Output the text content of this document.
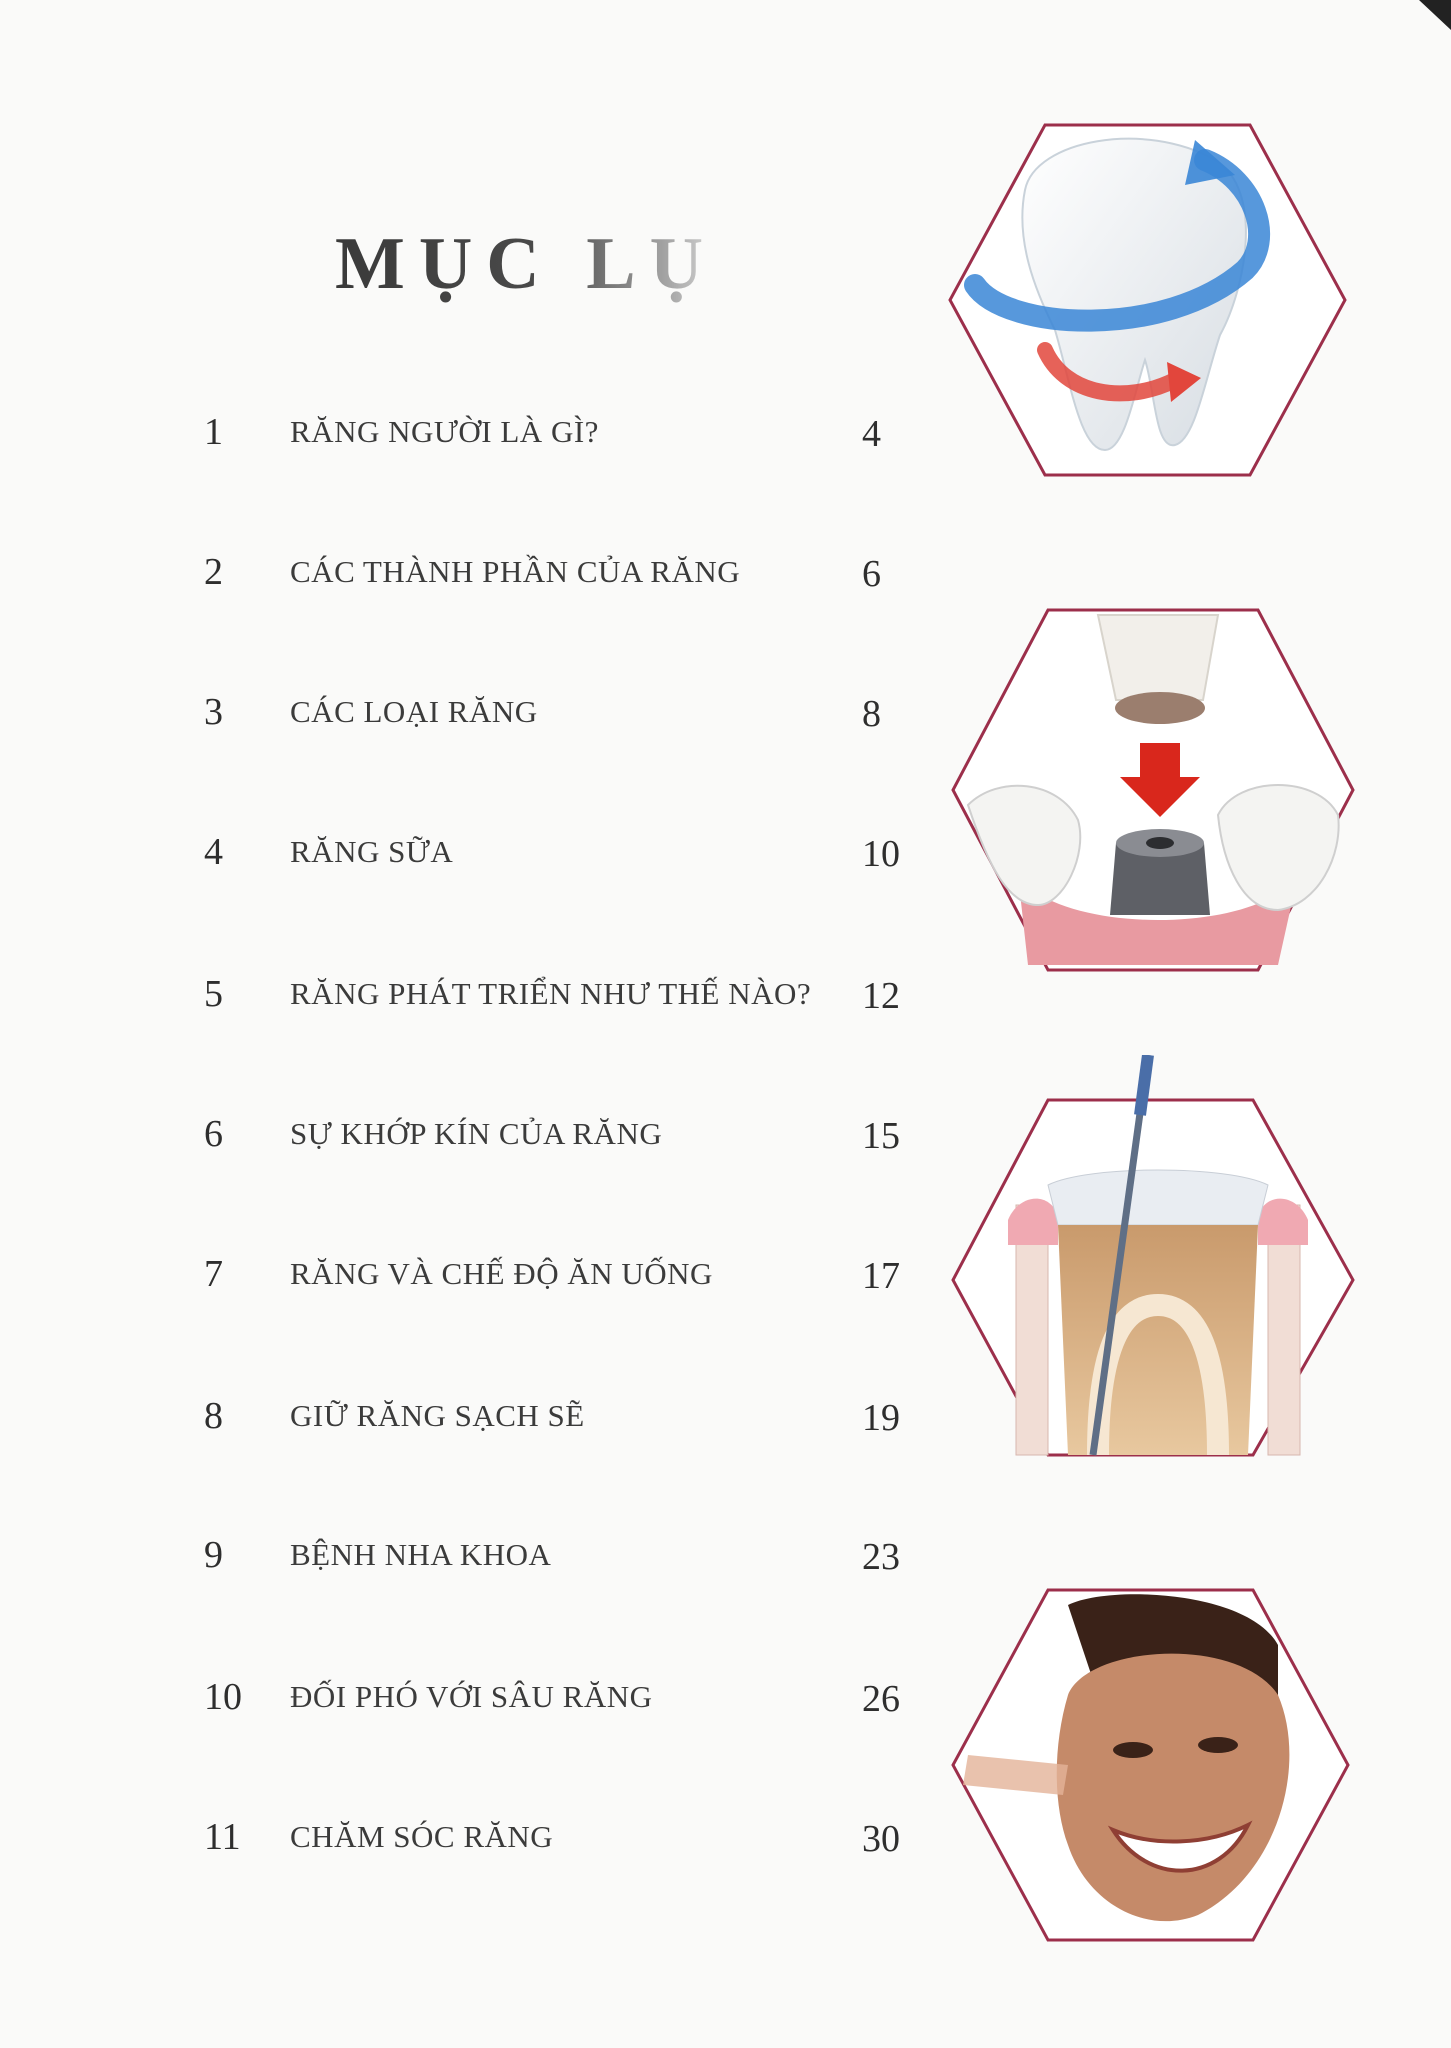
MỤC LỤ
1 RĂNG NGƯỜI LÀ GÌ?	4
2 CÁC THÀNH PHẦN CỦA RĂNG	6
3 CÁC LOẠI RĂNG	8
4 RĂNG SỮA	10
5 RĂNG PHÁT TRIỂN NHƯ THẾ NÀO? 12
6 SỰ KHỚP KÍN CỦA RĂNG	15
7 RĂNG VÀ CHẾ ĐỘ ĂN UỐNG	17
8 GIỮ RĂNG SẠCH SẼ	19
9 BỆNH NHA KHOA	23
10 ĐỐI PHÓ VỚI SÂU RĂNG	26
11 CHĂM SÓC RĂNG	30
